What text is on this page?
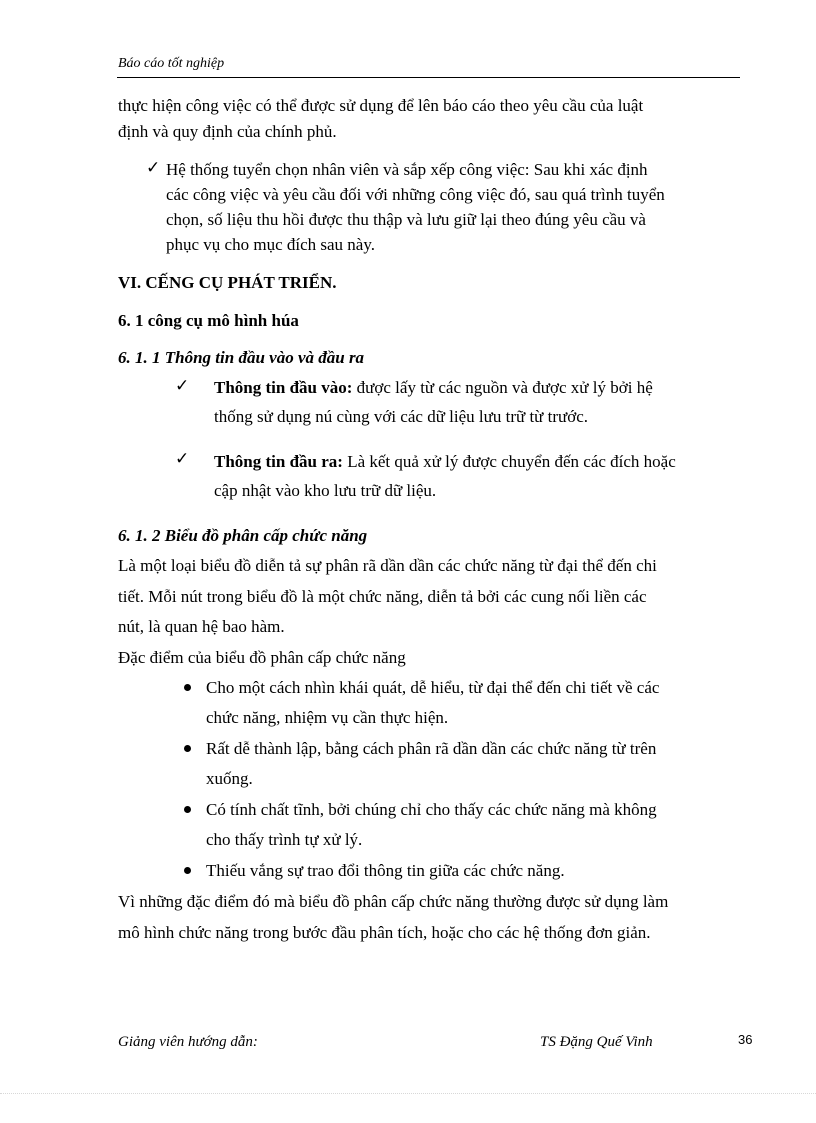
Báo cáo tốt nghiệp
thực hiện công việc có thể được sử dụng để lên báo cáo theo yêu cầu của luật
định và quy định của chính phủ.
✓ Hệ thống tuyển chọn nhân viên và sắp xếp công việc: Sau khi xác định
các công việc và yêu cầu đối với những công việc đó, sau quá trình tuyển
chọn, số liệu thu hồi được thu thập và lưu giữ lại theo đúng yêu cầu và
phục vụ cho mục đích sau này.
VI. CẾNG CỤ PHÁT TRIỂN.
6. 1 công cụ mô hình húa
6. 1. 1 Thông tin đầu vào và đầu ra
✓ Thông tin đầu vào: được lấy từ các nguồn và được xử lý bởi hệ
thống sử dụng nú cùng với các dữ liệu lưu trữ từ trước.
✓ Thông tin đầu ra: Là kết quả xử lý được chuyển đến các đích hoặc
cập nhật vào kho lưu trữ dữ liệu.
6. 1. 2 Biểu đồ phân cấp chức năng
Là một loại biểu đồ diễn tả sự phân rã dần dần các chức năng từ đại thể đến chi
tiết. Mỗi nút trong biểu đồ là một chức năng, diễn tả bởi các cung nối liền các
nút, là quan hệ bao hàm.
Đặc điểm của biểu đồ phân cấp chức năng
Cho một cách nhìn khái quát, dễ hiểu, từ đại thể đến chi tiết về các
chức năng, nhiệm vụ cần thực hiện.
Rất dễ thành lập, bằng cách phân rã dần dần các chức năng từ trên
xuống.
Có tính chất tĩnh, bởi chúng chỉ cho thấy các chức năng mà không
cho thấy trình tự xử lý.
Thiếu vắng sự trao đổi thông tin giữa các chức năng.
Vì những đặc điểm đó mà biểu đồ phân cấp chức năng thường được sử dụng làm
mô hình chức năng trong bước đầu phân tích, hoặc cho các hệ thống đơn giản.
Giảng viên hướng dẫn:	TS Đặng Quế Vinh	36
